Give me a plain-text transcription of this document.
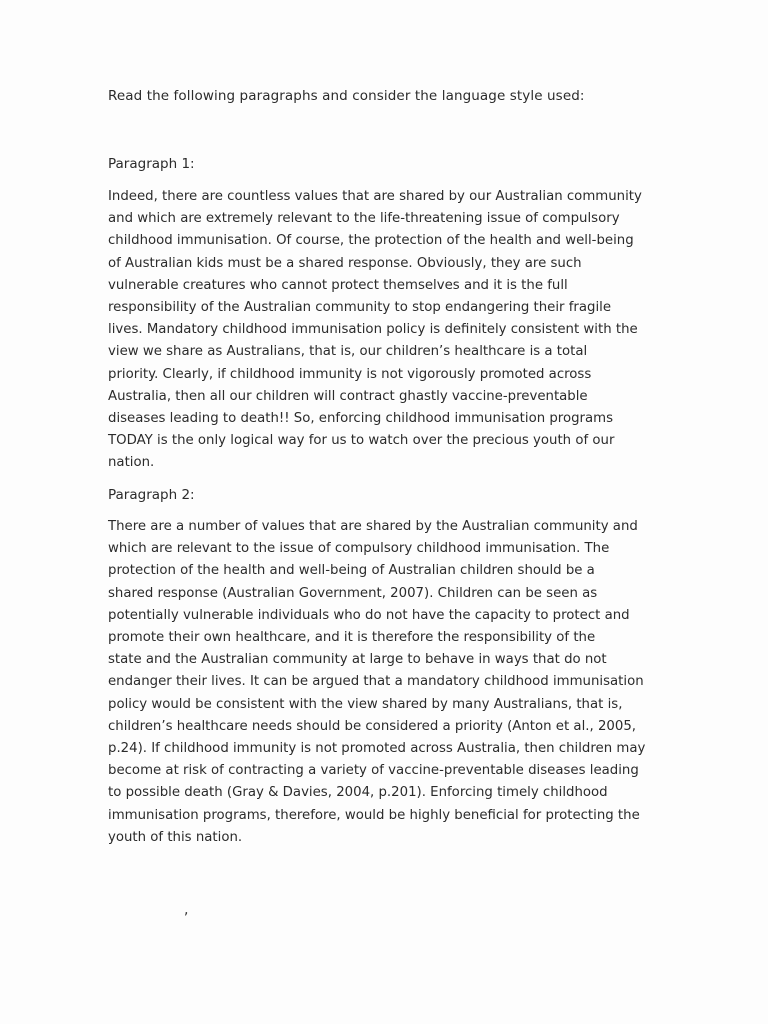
Read the following paragraphs and consider the language style used:
Paragraph 1:

Indeed, there are countless values that are shared by our Australian community
and which are extremely relevant to the life-threatening issue of compulsory
childhood immunisation. Of course, the protection of the health and well-being
of Australian kids must be a shared response. Obviously, they are such
vulnerable creatures who cannot protect themselves and it is the full
responsibility of the Australian community to stop endangering their fragile
lives. Mandatory childhood immunisation policy is definitely consistent with the
view we share as Australians, that is, our children’s healthcare is a total
priority. Clearly, if childhood immunity is not vigorously promoted across
Australia, then all our children will contract ghastly vaccine-preventable
diseases leading to death!! So, enforcing childhood immunisation programs
TODAY is the only logical way for us to watch over the precious youth of our
nation.

Paragraph 2:

There are a number of values that are shared by the Australian community and
which are relevant to the issue of compulsory childhood immunisation. The
protection of the health and well-being of Australian children should be a
shared response (Australian Government, 2007). Children can be seen as
potentially vulnerable individuals who do not have the capacity to protect and
promote their own healthcare, and it is therefore the responsibility of the
state and the Australian community at large to behave in ways that do not
endanger their lives. It can be argued that a mandatory childhood immunisation
policy would be consistent with the view shared by many Australians, that is,
children’s healthcare needs should be considered a priority (Anton et al., 2005,
p.24). If childhood immunity is not promoted across Australia, then children may
become at risk of contracting a variety of vaccine-preventable diseases leading
to possible death (Gray & Davies, 2004, p.201). Enforcing timely childhood
immunisation programs, therefore, would be highly beneficial for protecting the
youth of this nation.

,
